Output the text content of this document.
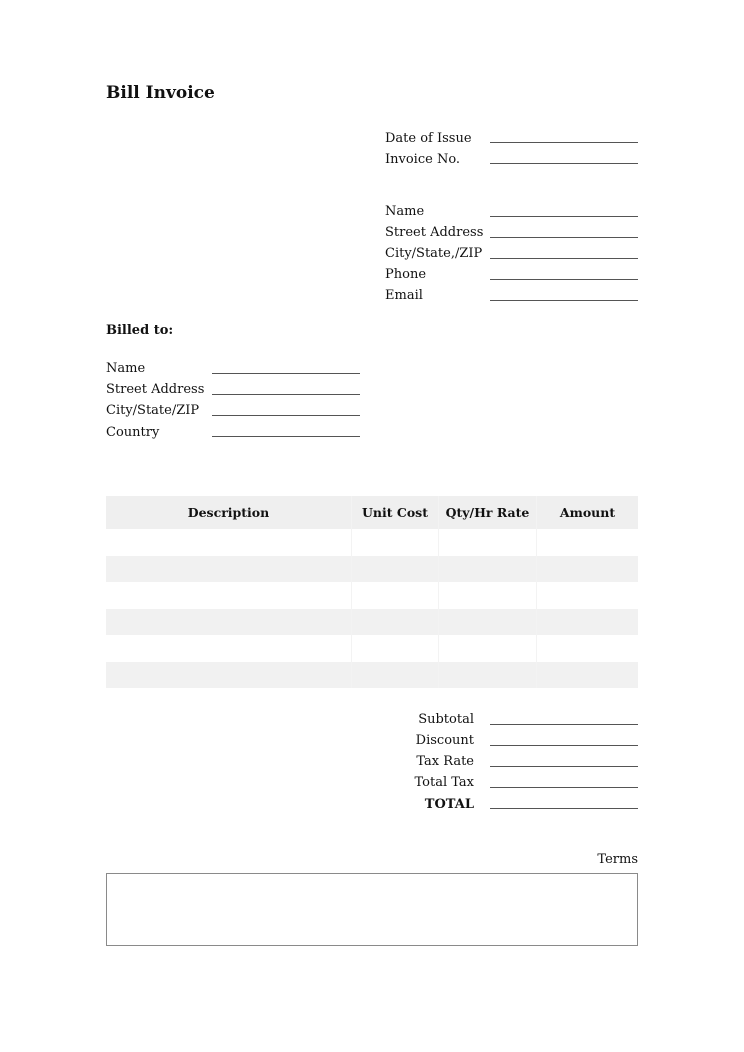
Bill Invoice
Date of Issue
Invoice No.
Name
Street Address
City/State,/ZIP
Phone
Email
Billed to:
Name
Street Address
City/State/ZIP
Country
Description	Unit Cost	Qty/Hr Rate	Amount
Subtotal
Discount
Tax Rate
Total Tax
TOTAL
Terms
